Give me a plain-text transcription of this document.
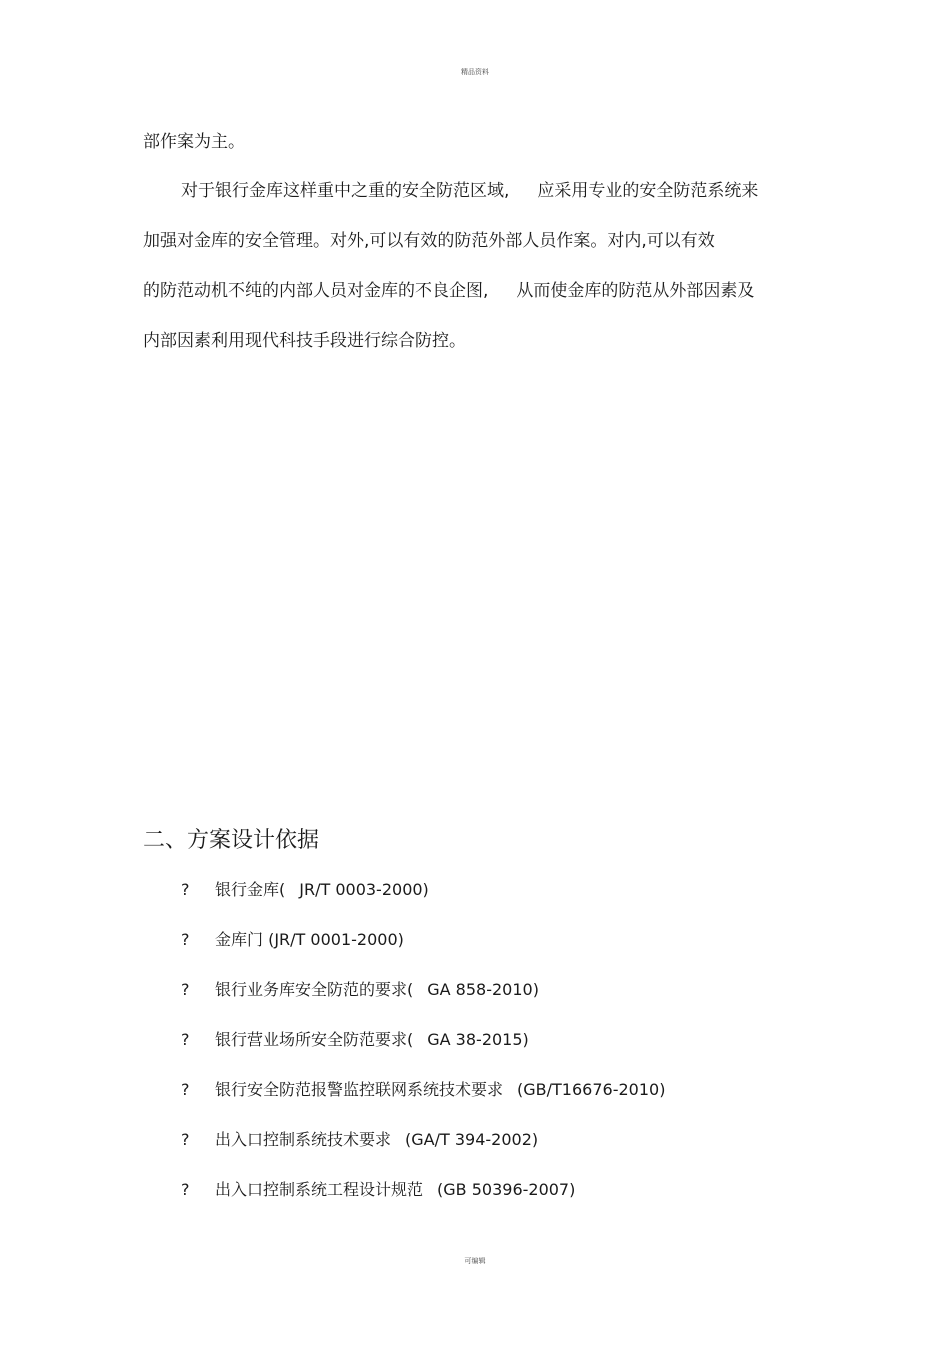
精品资料
部作案为主。
对于银行金库这样重中之重的安全防范区域, 应采用专业的安全防范系统来
加强对金库的安全管理。对外,可以有效的防范外部人员作案。对内,可以有效
的防范动机不纯的内部人员对金库的不良企图, 从而使金库的防范从外部因素及
内部因素利用现代科技手段进行综合防控。
二、方案设计依据
? 银行金库( JR/T 0003-2000)
? 金库门 (JR/T 0001-2000)
? 银行业务库安全防范的要求( GA 858-2010)
? 银行营业场所安全防范要求( GA 38-2015)
? 银行安全防范报警监控联网系统技术要求 (GB/T16676-2010)
? 出入口控制系统技术要求 (GA/T 394-2002)
? 出入口控制系统工程设计规范 (GB 50396-2007)
可编辑
